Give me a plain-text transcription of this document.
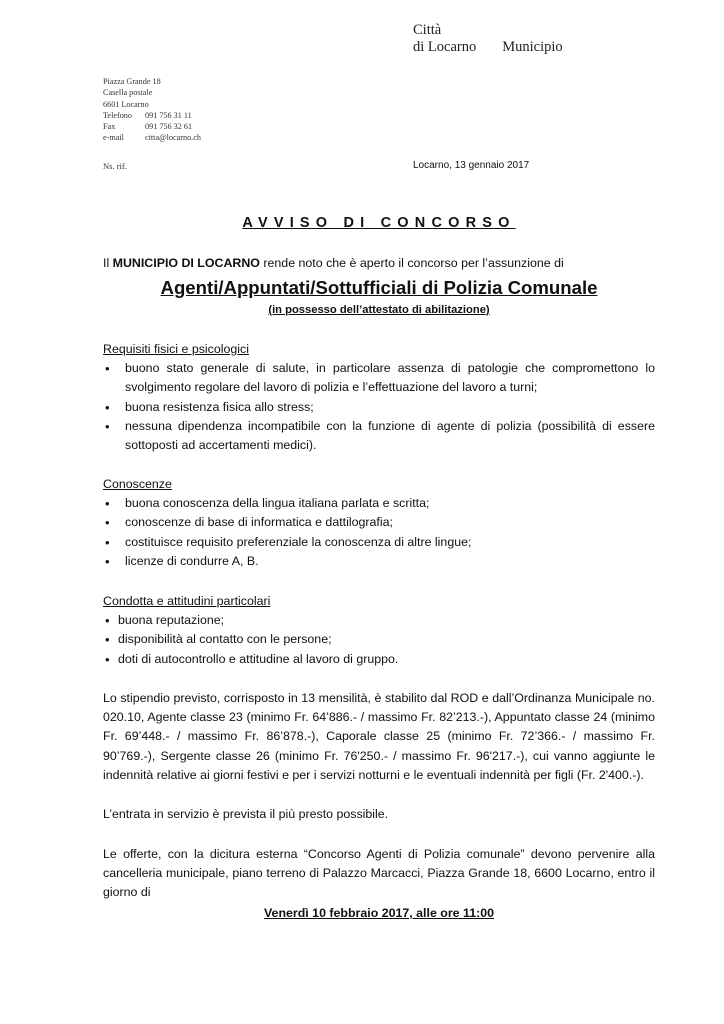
Città
di Locarno Municipio
Piazza Grande 18
Casella postale
6601 Locarno
Telefono	091 756 31 11
Fax	091 756 32 61
e-mail	citta@locarno.ch
Ns. rif.	Locarno, 13 gennaio 2017
AVVISO DI CONCORSO
Il MUNICIPIO DI LOCARNO rende noto che è aperto il concorso per l’assunzione di
Agenti/Appuntati/Sottufficiali di Polizia Comunale
(in possesso dell’attestato di abilitazione)
Requisiti fisici e psicologici
• buono stato generale di salute, in particolare assenza di patologie che compromettono lo svolgimento regolare del lavoro di polizia e l’effettuazione del lavoro a turni;
• buona resistenza fisica allo stress;
• nessuna dipendenza incompatibile con la funzione di agente di polizia (possibilità di essere sottoposti ad accertamenti medici).
Conoscenze
• buona conoscenza della lingua italiana parlata e scritta;
• conoscenze di base di informatica e dattilografia;
• costituisce requisito preferenziale la conoscenza di altre lingue;
• licenze di condurre A, B.
Condotta e attitudini particolari
• buona reputazione;
• disponibilità al contatto con le persone;
• doti di autocontrollo e attitudine al lavoro di gruppo.
Lo stipendio previsto, corrisposto in 13 mensilità, è stabilito dal ROD e dall’Ordinanza Municipale no. 020.10, Agente classe 23 (minimo Fr. 64’886.- / massimo Fr. 82’213.-), Appuntato classe 24 (minimo Fr. 69’448.- / massimo Fr. 86’878.-), Caporale classe 25 (minimo Fr. 72’366.- / massimo Fr. 90’769.-), Sergente classe 26 (minimo Fr. 76'250.- / massimo Fr. 96'217.-), cui vanno aggiunte le indennità relative ai giorni festivi e per i servizi notturni e le eventuali indennità per figli (Fr. 2'400.-).
L’entrata in servizio è prevista il più presto possibile.
Le offerte, con la dicitura esterna “Concorso Agenti di Polizia comunale” devono pervenire alla cancelleria municipale, piano terreno di Palazzo Marcacci, Piazza Grande 18, 6600 Locarno, entro il giorno di
Venerdì 10 febbraio 2017, alle ore 11:00
